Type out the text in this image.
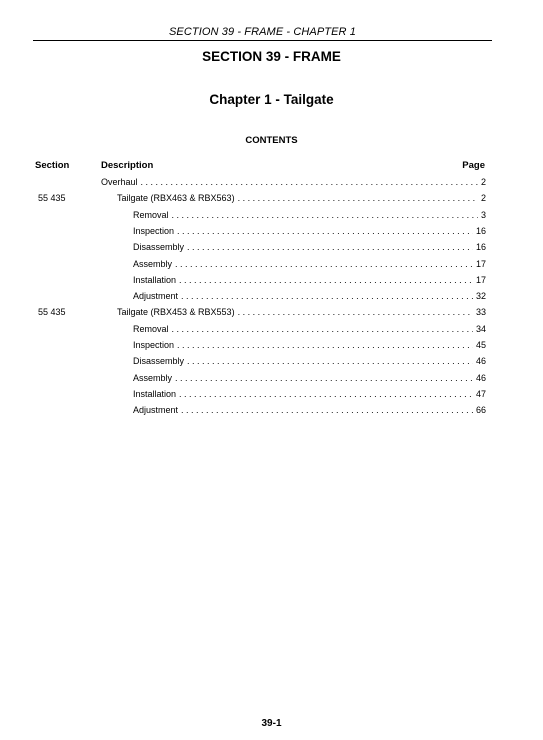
SECTION 39 - FRAME - CHAPTER 1
SECTION 39 - FRAME
Chapter 1 - Tailgate
CONTENTS
Section	Description	Page
Overhaul . . .	2
55 435	Tailgate (RBX463 & RBX563) . . .	2
Removal . . .	3
Inspection . . .	16
Disassembly . . .	16
Assembly . . .	17
Installation . . .	17
Adjustment . . .	32
55 435	Tailgate (RBX453 & RBX553) . . .	33
Removal . . .	34
Inspection . . .	45
Disassembly . . .	46
Assembly . . .	46
Installation . . .	47
Adjustment . . .	66
39-1
